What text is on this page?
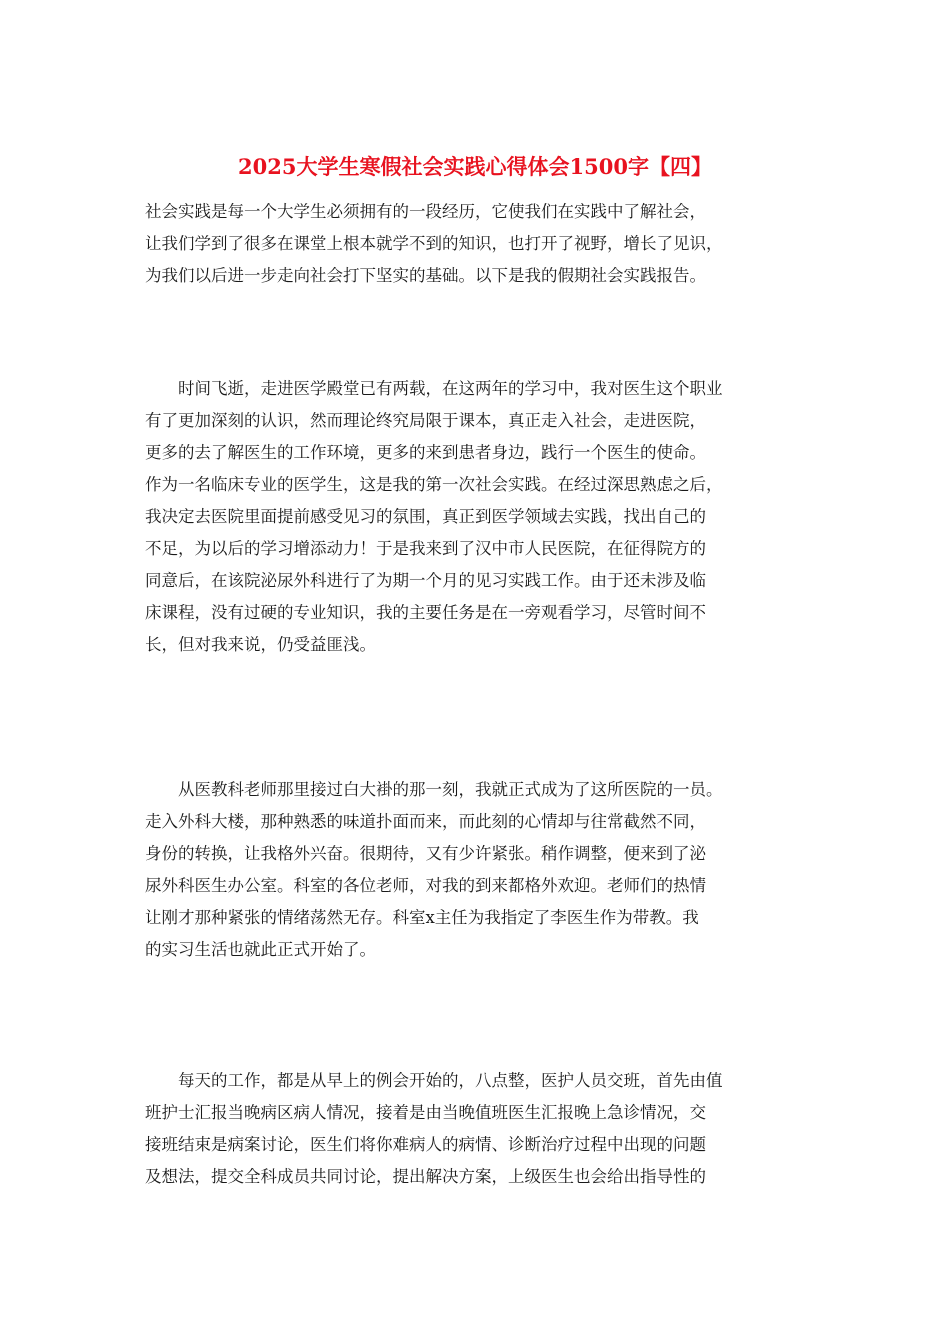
2025大学生寒假社会实践心得体会1500字【四】

社会实践是每一个大学生必须拥有的一段经历，它使我们在实践中了解社会，
让我们学到了很多在课堂上根本就学不到的知识，也打开了视野，增长了见识，
为我们以后进一步走向社会打下坚实的基础。以下是我的假期社会实践报告。

　　时间飞逝，走进医学殿堂已有两载，在这两年的学习中，我对医生这个职业
有了更加深刻的认识，然而理论终究局限于课本，真正走入社会，走进医院，
更多的去了解医生的工作环境，更多的来到患者身边，践行一个医生的使命。
作为一名临床专业的医学生，这是我的第一次社会实践。在经过深思熟虑之后，
我决定去医院里面提前感受见习的氛围，真正到医学领域去实践，找出自己的
不足，为以后的学习增添动力！于是我来到了汉中市人民医院，在征得院方的
同意后，在该院泌尿外科进行了为期一个月的见习实践工作。由于还未涉及临
床课程，没有过硬的专业知识，我的主要任务是在一旁观看学习，尽管时间不
长，但对我来说，仍受益匪浅。

　　从医教科老师那里接过白大褂的那一刻，我就正式成为了这所医院的一员。
走入外科大楼，那种熟悉的味道扑面而来，而此刻的心情却与往常截然不同，
身份的转换，让我格外兴奋。很期待，又有少许紧张。稍作调整，便来到了泌
尿外科医生办公室。科室的各位老师，对我的到来都格外欢迎。老师们的热情
让刚才那种紧张的情绪荡然无存。科室x主任为我指定了李医生作为带教。我
的实习生活也就此正式开始了。

　　每天的工作，都是从早上的例会开始的，八点整，医护人员交班，首先由值
班护士汇报当晚病区病人情况，接着是由当晚值班医生汇报晚上急诊情况，交
接班结束是病案讨论，医生们将你难病人的病情、诊断治疗过程中出现的问题
及想法，提交全科成员共同讨论，提出解决方案，上级医生也会给出指导性的
